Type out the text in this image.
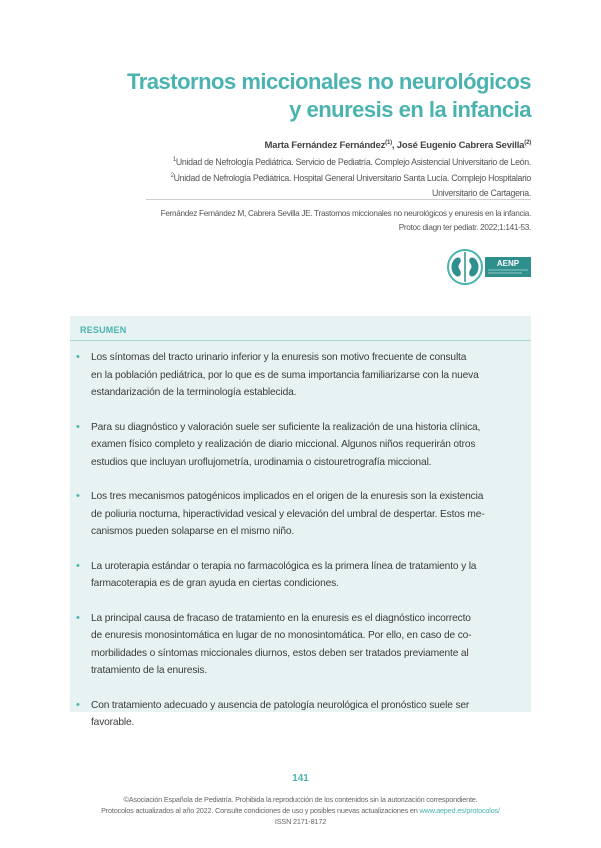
Trastornos miccionales no neurológicos
y enuresis en la infancia
Marta Fernández Fernández$^{(1)}$, José Eugenio Cabrera Sevilla$^{(2)}$
$^1$Unidad de Nefrología Pediátrica. Servicio de Pediatría. Complejo Asistencial Universitario de León.
$^2$Unidad de Nefrología Pediátrica. Hospital General Universitario Santa Lucía. Complejo Hospitalario
Universitario de Cartagena.
Fernández Fernández M, Cabrera Sevilla JE. Trastornos miccionales no neurológicos y enuresis en la infancia.
Protoc diagn ter pediatr. 2022;1:141-53.
AENP
RESUMEN
• Los síntomas del tracto urinario inferior y la enuresis son motivo frecuente de consulta
en la población pediátrica, por lo que es de suma importancia familiarizarse con la nueva
estandarización de la terminología establecida.
• Para su diagnóstico y valoración suele ser suficiente la realización de una historia clínica,
examen físico completo y realización de diario miccional. Algunos niños requerirán otros
estudios que incluyan uroflujometría, urodinamia o cistouretrografía miccional.
• Los tres mecanismos patogénicos implicados en el origen de la enuresis son la existencia
de poliuria nocturna, hiperactividad vesical y elevación del umbral de despertar. Estos me-
canismos pueden solaparse en el mismo niño.
• La uroterapia estándar o terapia no farmacológica es la primera línea de tratamiento y la
farmacoterapia es de gran ayuda en ciertas condiciones.
• La principal causa de fracaso de tratamiento en la enuresis es el diagnóstico incorrecto
de enuresis monosintomática en lugar de no monosintomática. Por ello, en caso de co-
morbilidades o síntomas miccionales diurnos, estos deben ser tratados previamente al
tratamiento de la enuresis.
• Con tratamiento adecuado y ausencia de patología neurológica el pronóstico suele ser
favorable.
141
©Asociación Española de Pediatría. Prohibida la reproducción de los contenidos sin la autorización correspondiente.
Protocolos actualizados al año 2022. Consulte condiciones de uso y posibles nuevas actualizaciones en www.aeped.es/protocolos/
ISSN 2171-8172
